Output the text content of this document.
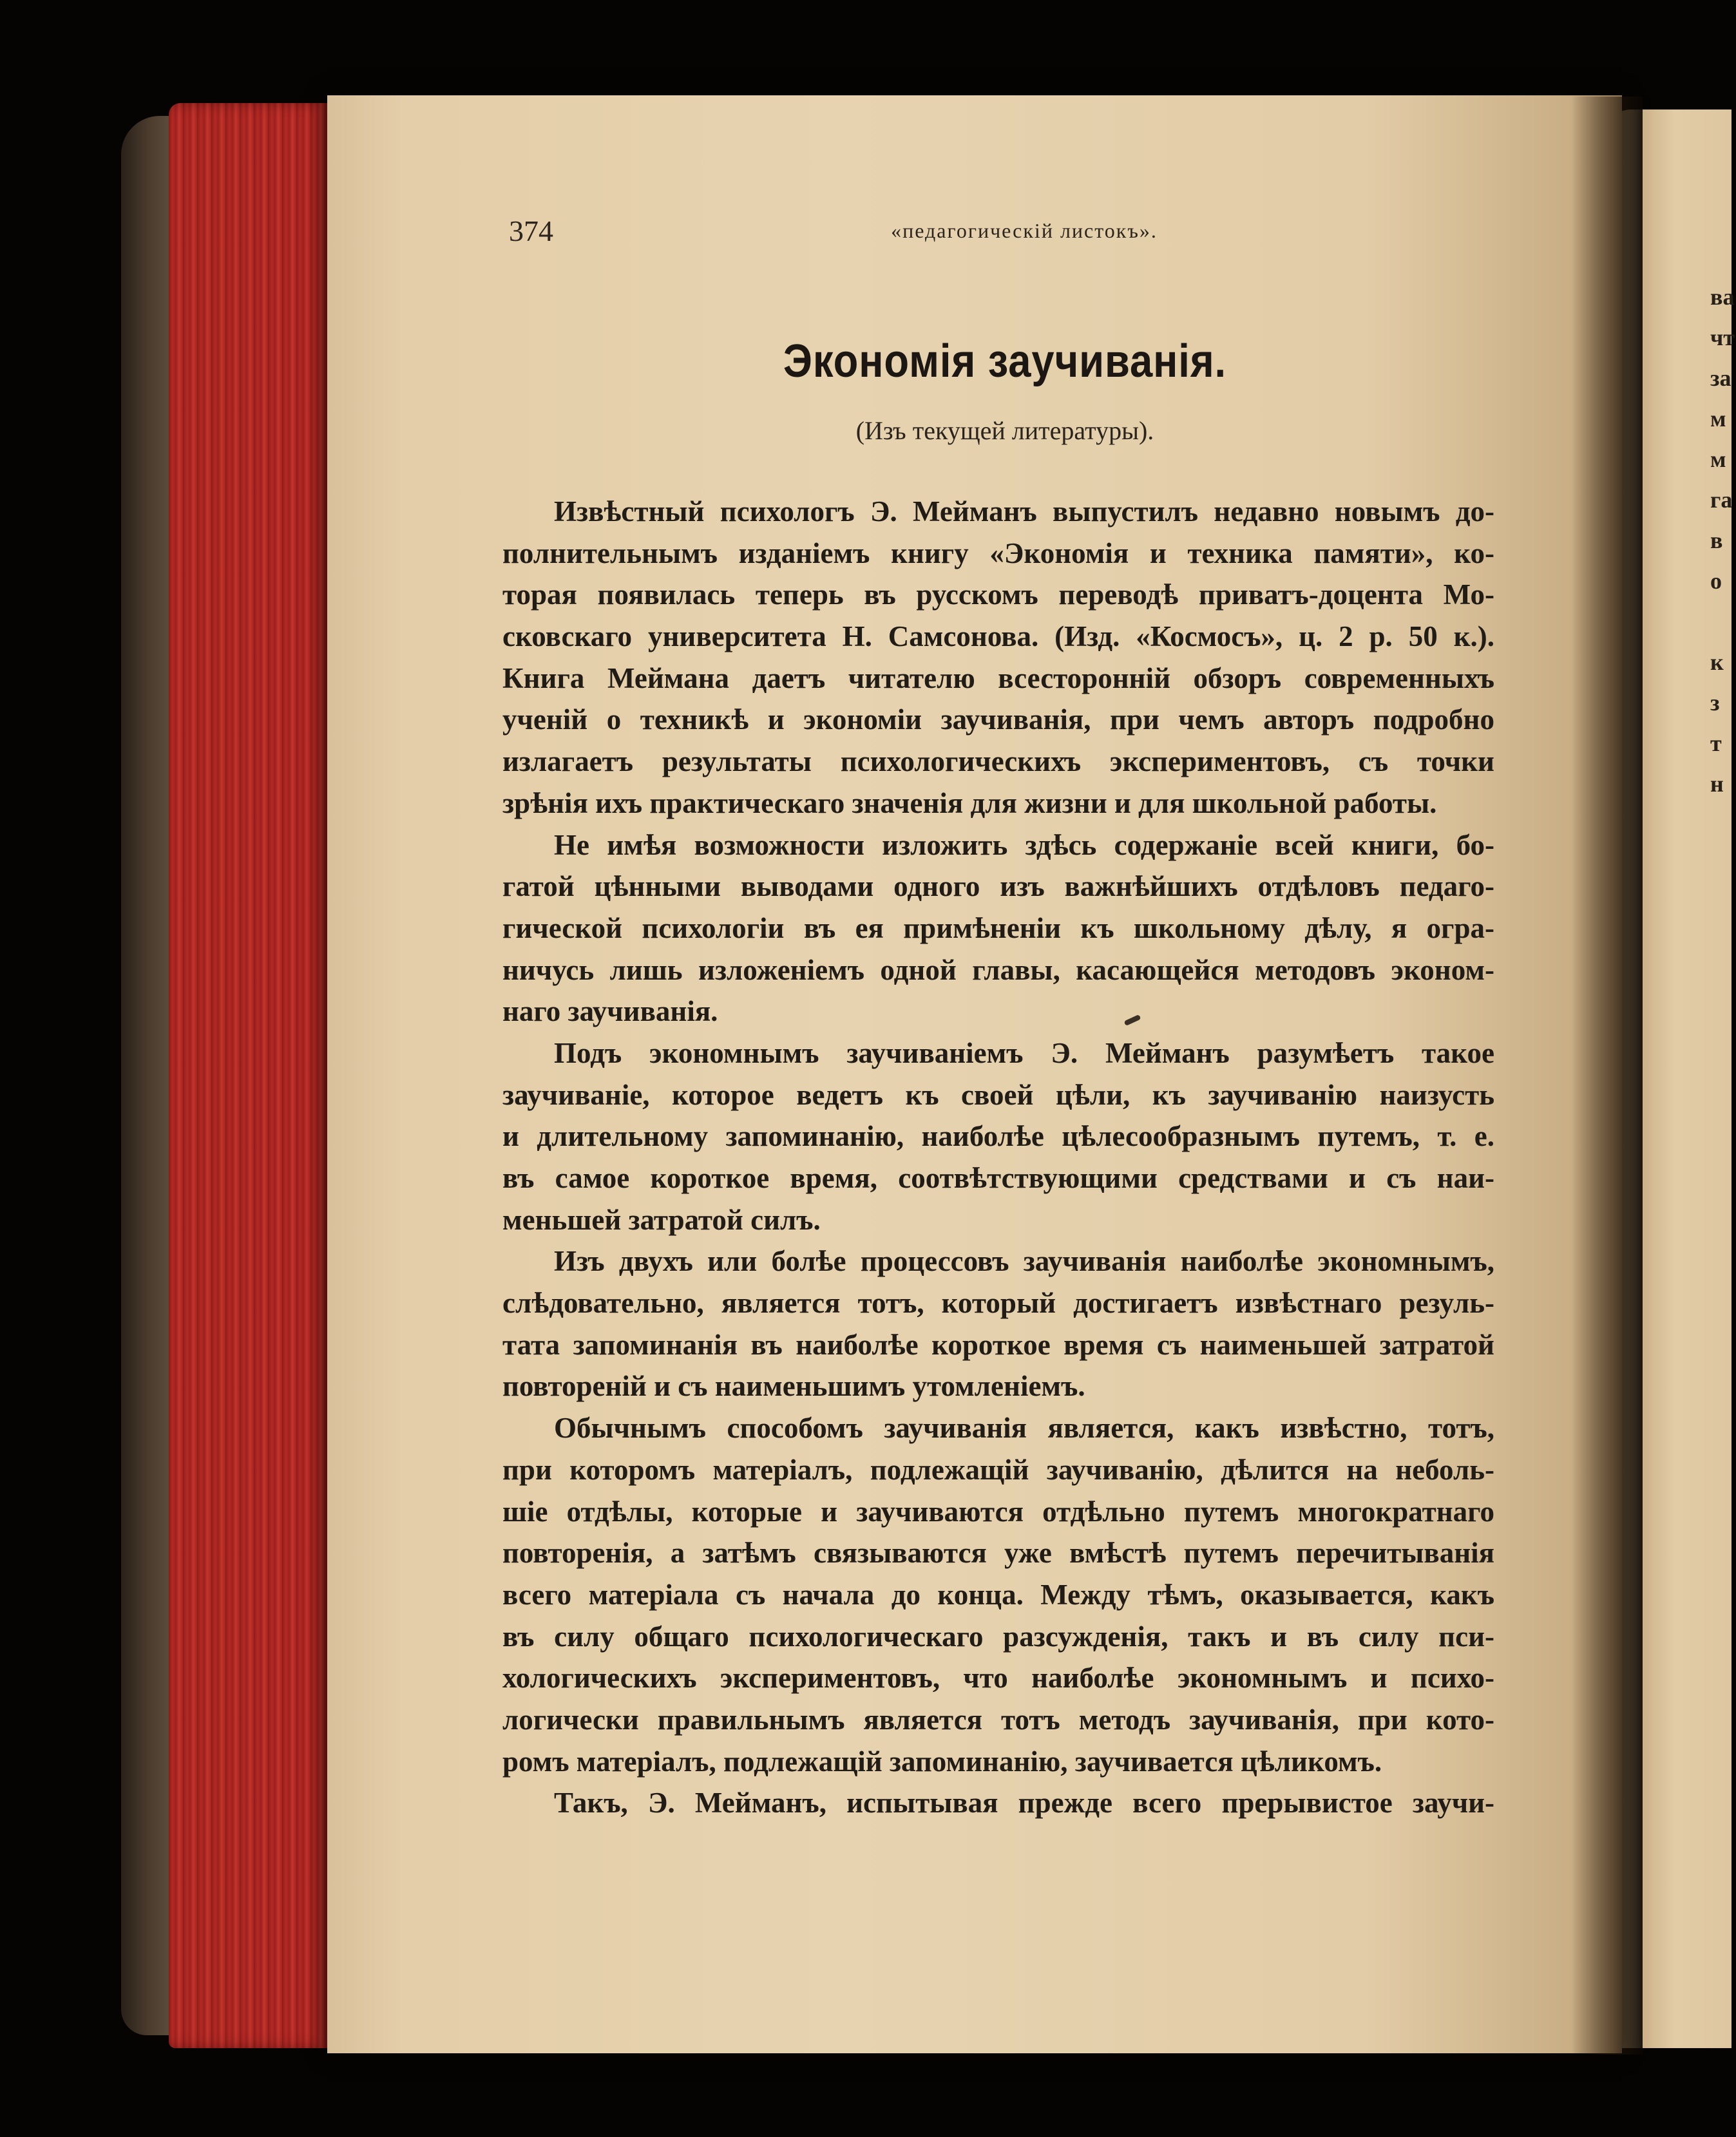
374	«педагогическій листокъ».
Экономія заучиванія.
(Изъ текущей литературы).
Извѣстный психологъ Э. Мейманъ выпустилъ недавно новымъ до-
полнительнымъ изданіемъ книгу «Экономія и техника памяти», ко-
торая появилась теперь въ русскомъ переводѣ приватъ-доцента Мо-
сковскаго университета Н. Самсонова. (Изд. «Космосъ», ц. 2 р. 50 к.).
Книга Меймана даетъ читателю всесторонній обзоръ современныхъ
ученій о техникѣ и экономіи заучиванія, при чемъ авторъ подробно
излагаетъ результаты психологическихъ экспериментовъ, съ точки
зрѣнія ихъ практическаго значенія для жизни и для школьной работы.
Не имѣя возможности изложить здѣсь содержаніе всей книги, бо-
гатой цѣнными выводами одного изъ важнѣйшихъ отдѣловъ педаго-
гической психологіи въ ея примѣненіи къ школьному дѣлу, я огра-
ничусь лишь изложеніемъ одной главы, касающейся методовъ эконом-
наго заучиванія.
Подъ экономнымъ заучиваніемъ Э. Мейманъ разумѣетъ такое
заучиваніе, которое ведетъ къ своей цѣли, къ заучиванію наизусть
и длительному запоминанію, наиболѣе цѣлесообразнымъ путемъ, т. е.
въ самое короткое время, соотвѣтствующими средствами и съ наи-
меньшей затратой силъ.
Изъ двухъ или болѣе процессовъ заучиванія наиболѣе экономнымъ,
слѣдовательно, является тотъ, который достигаетъ извѣстнаго резуль-
тата запоминанія въ наиболѣе короткое время съ наименьшей затратой
повтореній и съ наименьшимъ утомленіемъ.
Обычнымъ способомъ заучиванія является, какъ извѣстно, тотъ,
при которомъ матеріалъ, подлежащій заучиванію, дѣлится на неболь-
шіе отдѣлы, которые и заучиваются отдѣльно путемъ многократнаго
повторенія, а затѣмъ связываются уже вмѣстѣ путемъ перечитыванія
всего матеріала съ начала до конца. Между тѣмъ, оказывается, какъ
въ силу общаго психологическаго разсужденія, такъ и въ силу пси-
хологическихъ экспериментовъ, что наиболѣе экономнымъ и психо-
логически правильнымъ является тотъ методъ заучиванія, при кото-
ромъ матеріалъ, подлежащій запоминанію, заучивается цѣликомъ.
Такъ, Э. Мейманъ, испытывая прежде всего прерывистое заучи-
ва
чт
за
м
м
га
в
о
к
з
т
н
